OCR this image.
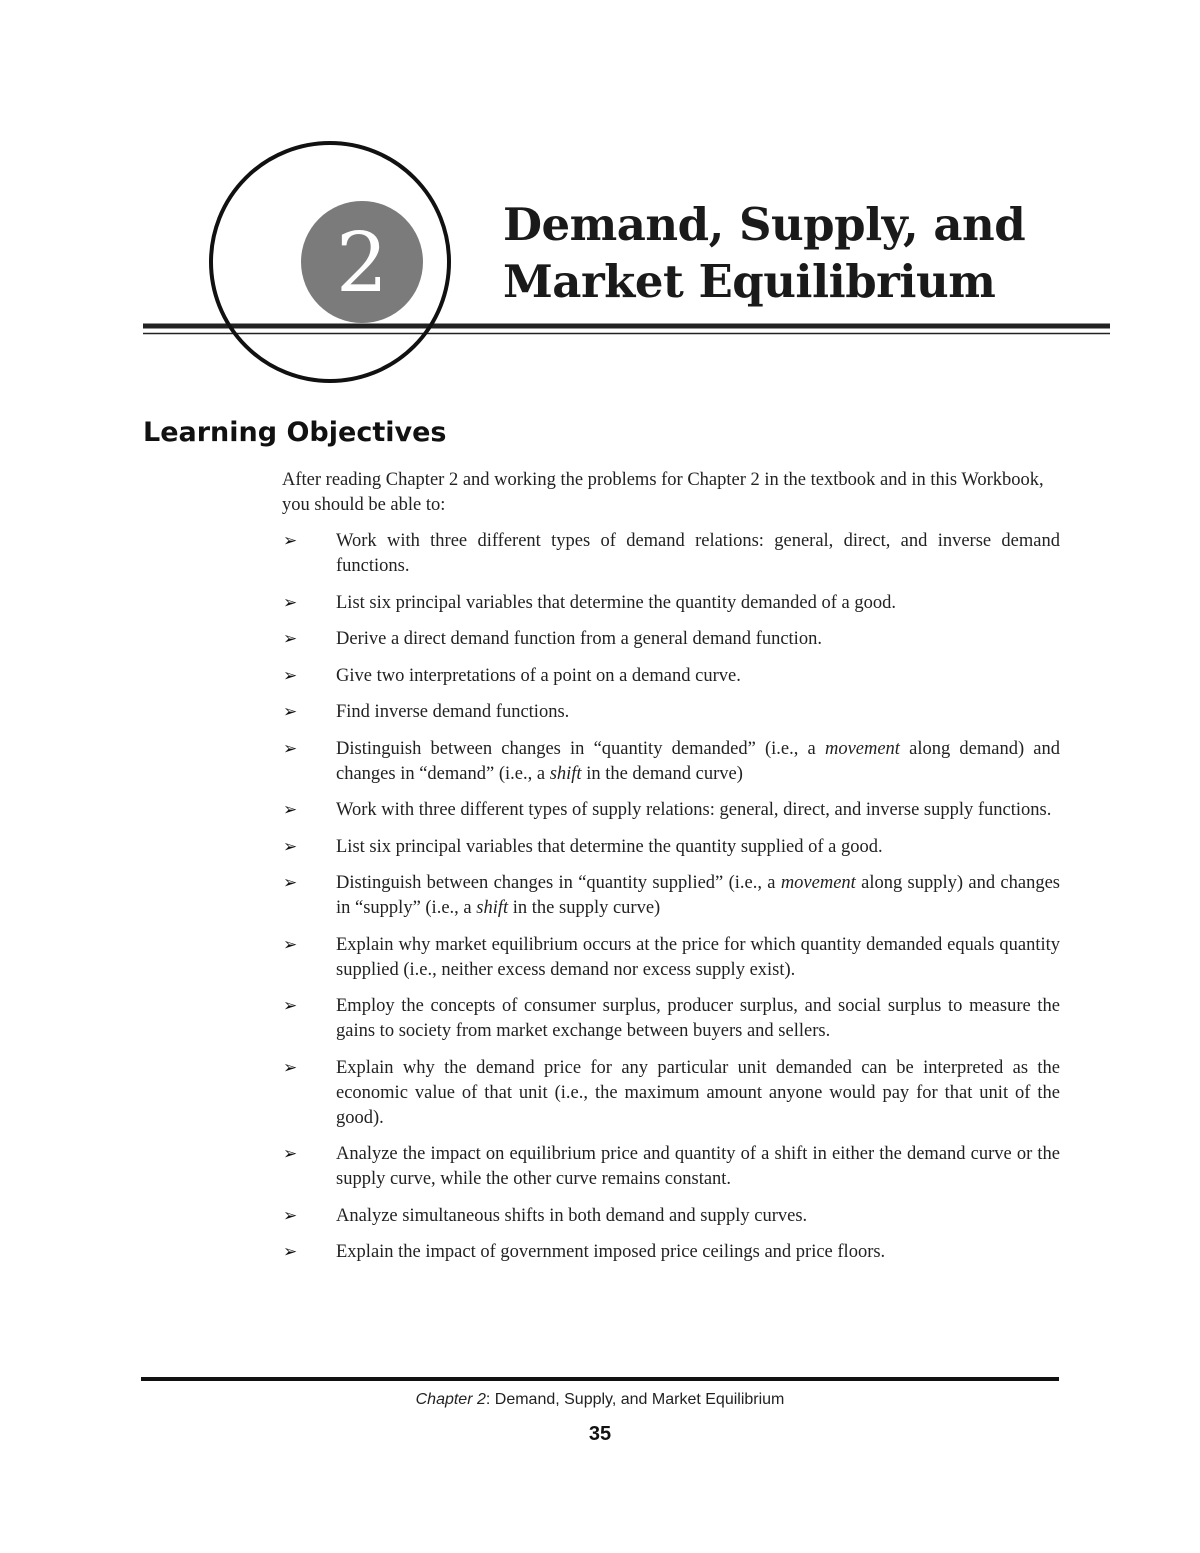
2	Demand, Supply, and
Market Equilibrium
Learning Objectives

After reading Chapter 2 and working the problems for Chapter 2 in the textbook and in this Workbook, you should be able to:

➢ Work with three different types of demand relations: general, direct, and inverse demand functions.
➢ List six principal variables that determine the quantity demanded of a good.
➢ Derive a direct demand function from a general demand function.
➢ Give two interpretations of a point on a demand curve.
➢ Find inverse demand functions.
➢ Distinguish between changes in “quantity demanded” (i.e., a movement along demand) and changes in “demand” (i.e., a shift in the demand curve)
➢ Work with three different types of supply relations: general, direct, and inverse supply functions.
➢ List six principal variables that determine the quantity supplied of a good.
➢ Distinguish between changes in “quantity supplied” (i.e., a movement along supply) and changes in “supply” (i.e., a shift in the supply curve)
➢ Explain why market equilibrium occurs at the price for which quantity demanded equals quantity supplied (i.e., neither excess demand nor excess supply exist).
➢ Employ the concepts of consumer surplus, producer surplus, and social surplus to measure the gains to society from market exchange between buyers and sellers.
➢ Explain why the demand price for any particular unit demanded can be interpreted as the economic value of that unit (i.e., the maximum amount anyone would pay for that unit of the good).
➢ Analyze the impact on equilibrium price and quantity of a shift in either the demand curve or the supply curve, while the other curve remains constant.
➢ Analyze simultaneous shifts in both demand and supply curves.
➢ Explain the impact of government imposed price ceilings and price floors.
Chapter 2: Demand, Supply, and Market Equilibrium
35
